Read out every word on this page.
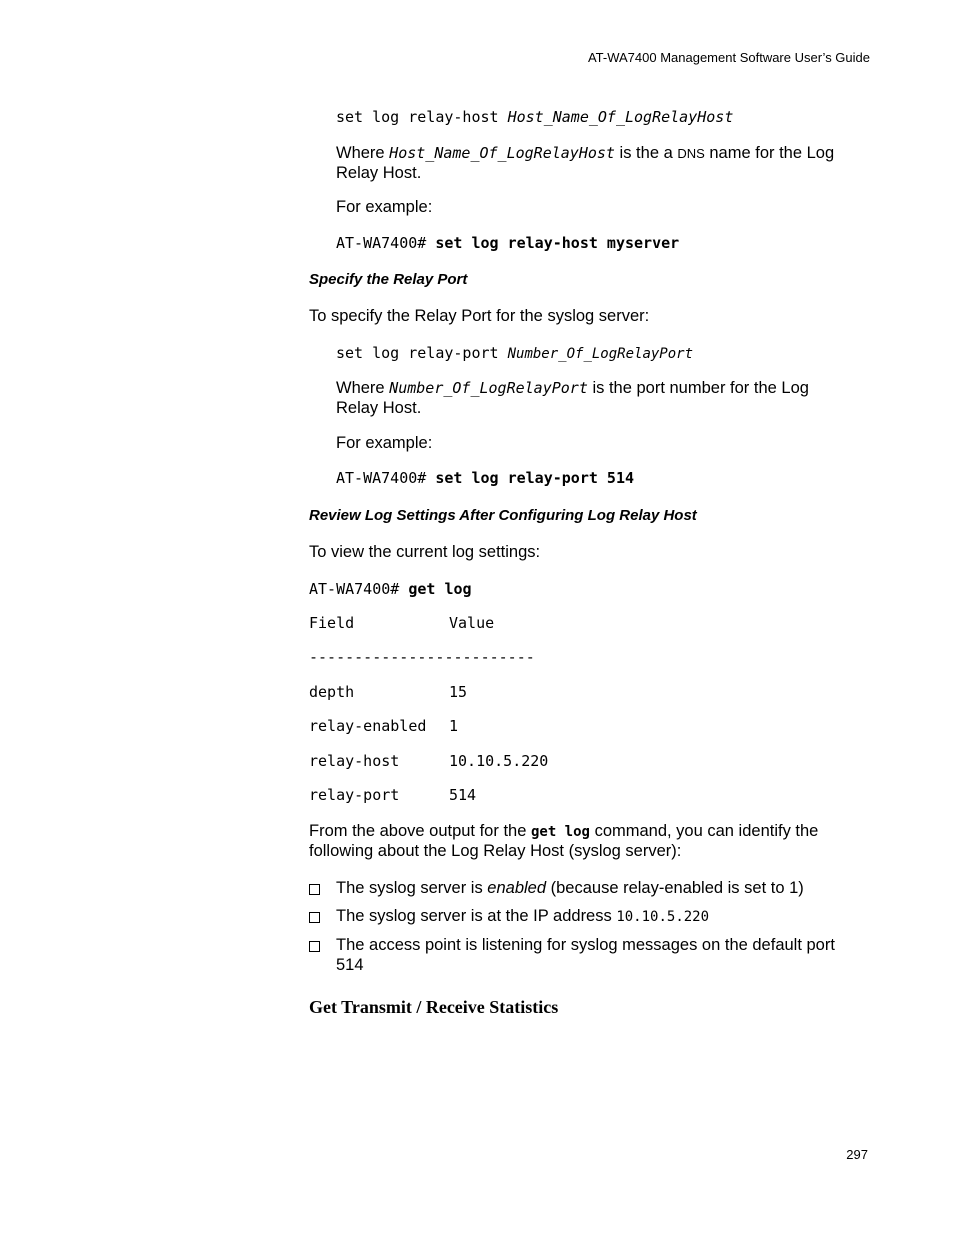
AT-WA7400 Management Software User’s Guide
set log relay-host Host_Name_Of_LogRelayHost
Where Host_Name_Of_LogRelayHost is the a DNS name for the Log
Relay Host.
For example:
AT-WA7400# set log relay-host myserver
Specify the Relay Port
To specify the Relay Port for the syslog server:
set log relay-port Number_Of_LogRelayPort
Where Number_Of_LogRelayPort is the port number for the Log
Relay Host.
For example:
AT-WA7400# set log relay-port 514
Review Log Settings After Configuring Log Relay Host
To view the current log settings:
AT-WA7400# get log
Field	Value
-------------------------
depth	15
relay-enabled 1
relay-host	10.10.5.220
relay-port	514
From the above output for the get log command, you can identify the
following about the Log Relay Host (syslog server):
The syslog server is enabled (because relay-enabled is set to 1)
The syslog server is at the IP address 10.10.5.220
The access point is listening for syslog messages on the default port
514
Get Transmit / Receive Statistics
297
